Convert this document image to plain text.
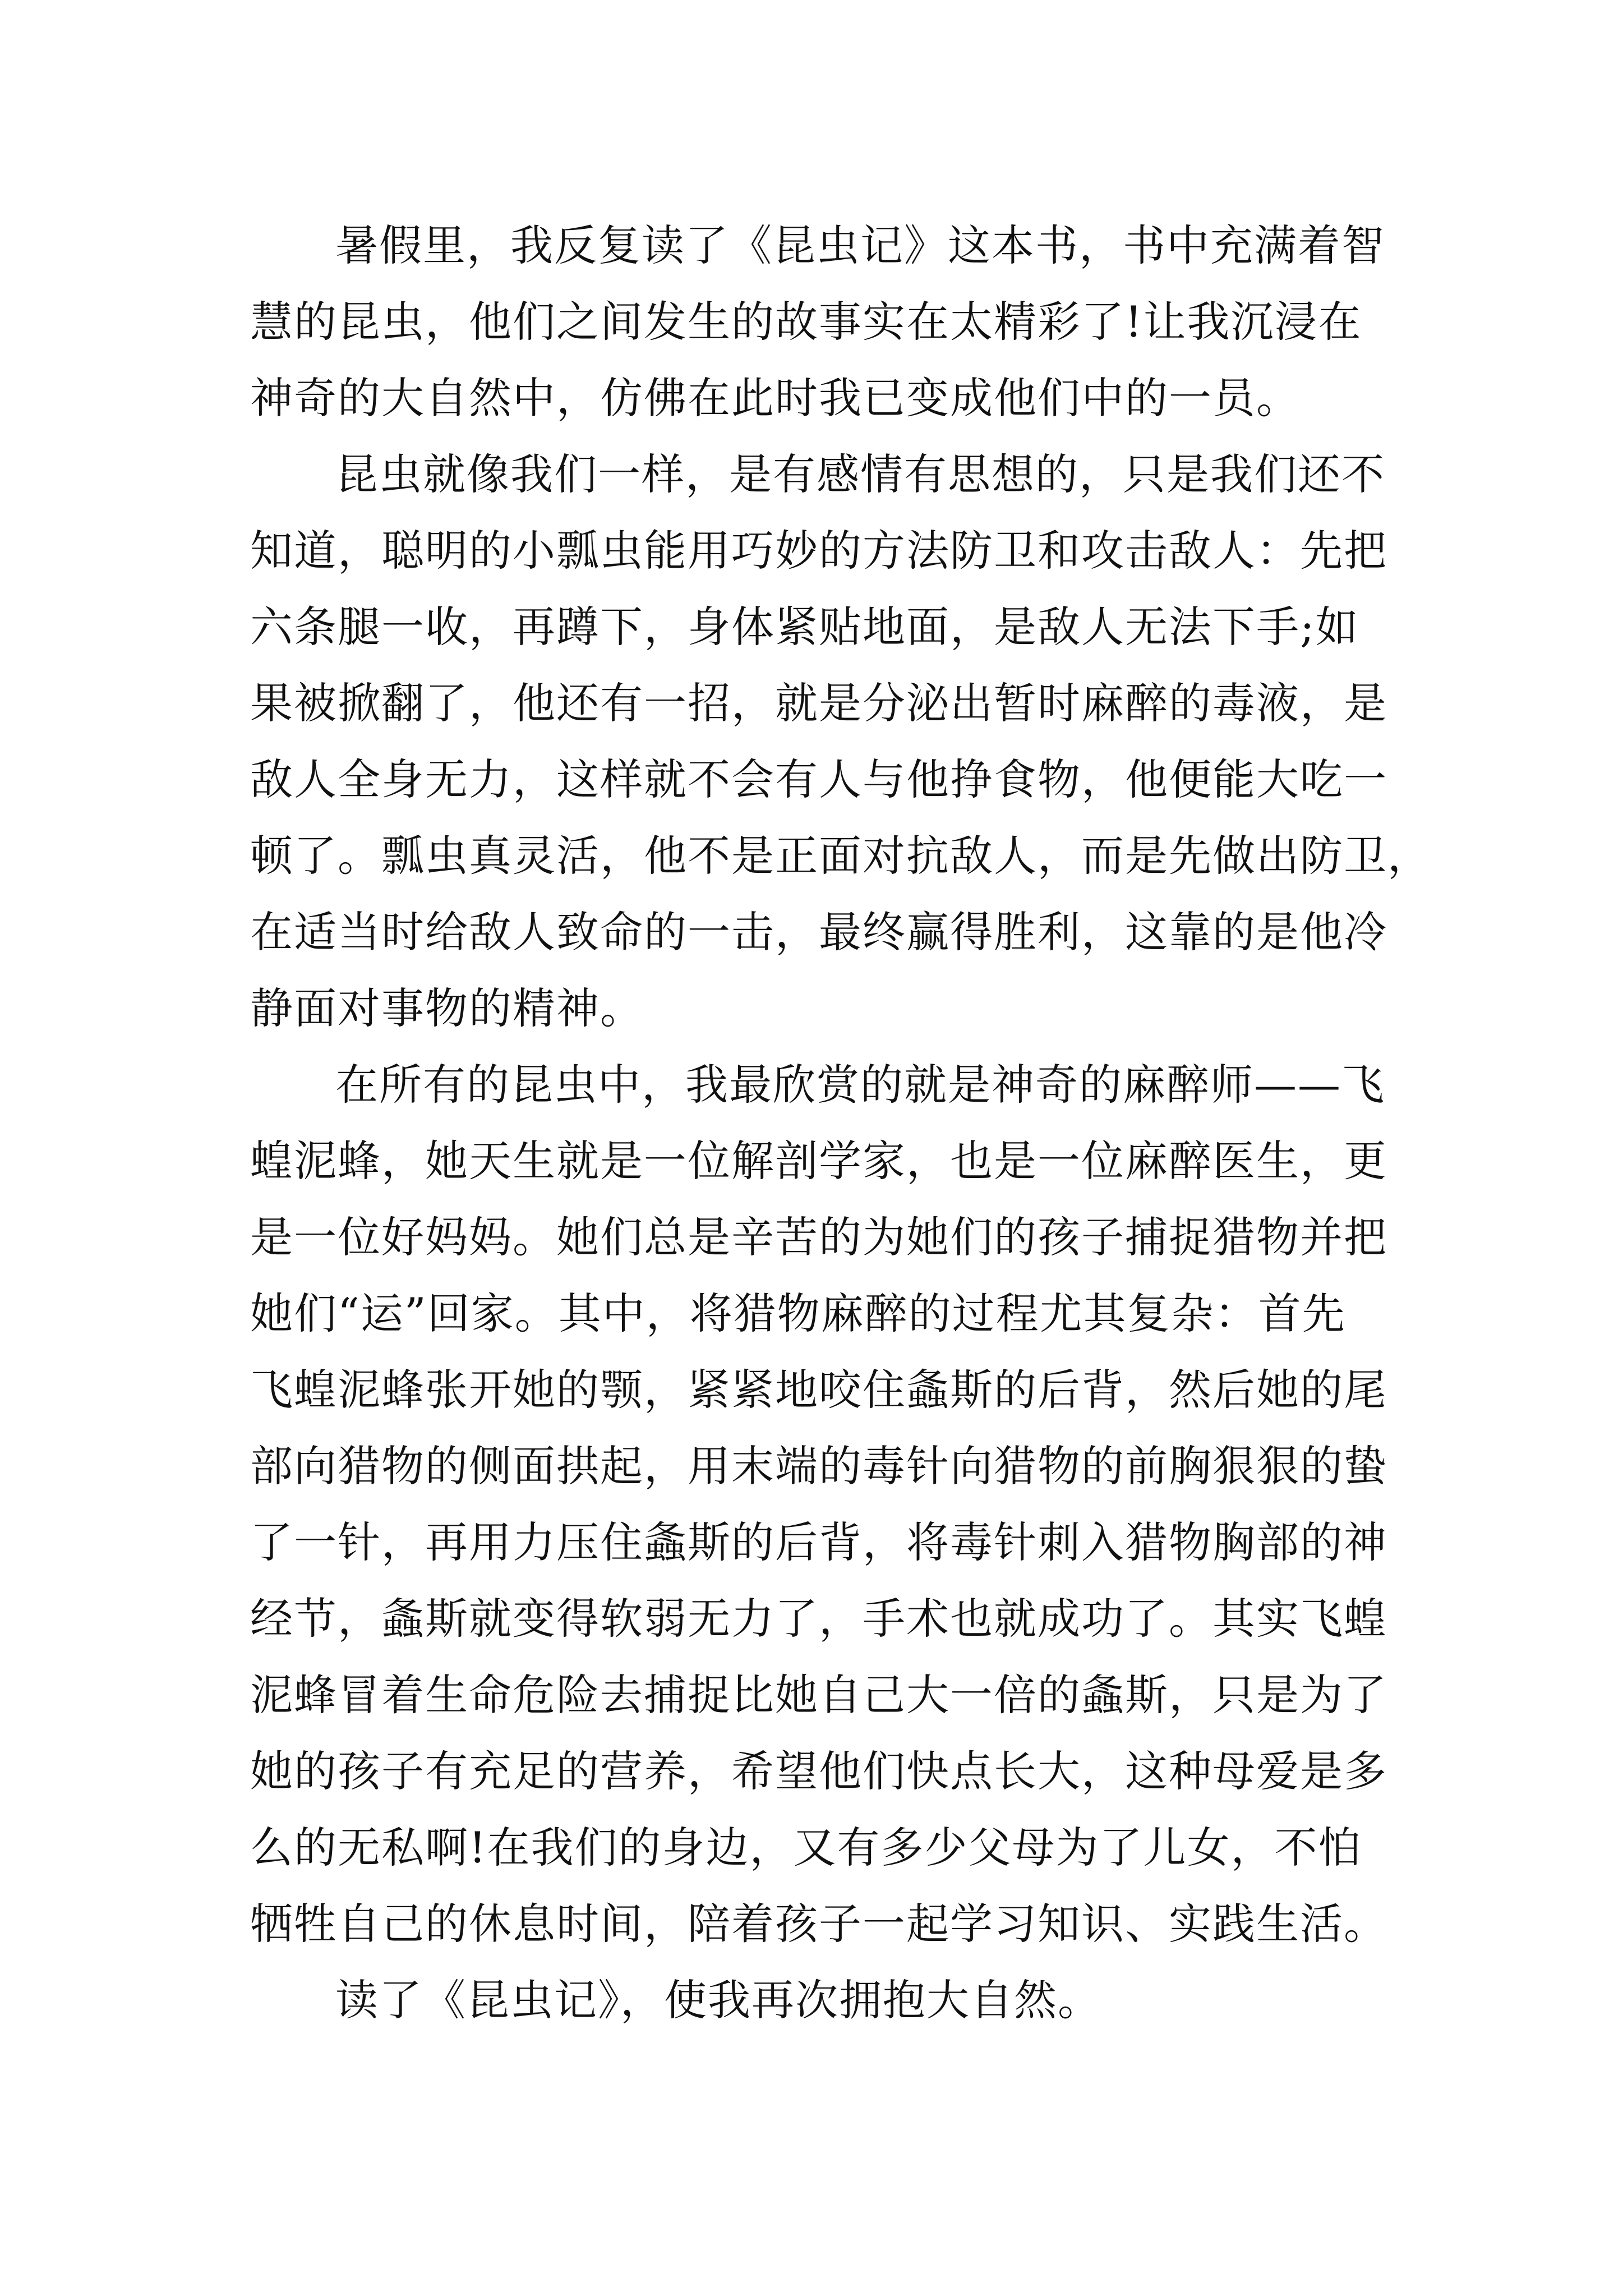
暑假里，我反复读了《昆虫记》这本书，书中充满着智
慧的昆虫，他们之间发生的故事实在太精彩了!让我沉浸在
神奇的大自然中，仿佛在此时我已变成他们中的一员。
昆虫就像我们一样，是有感情有思想的，只是我们还不
知道，聪明的小瓢虫能用巧妙的方法防卫和攻击敌人：先把
六条腿一收，再蹲下，身体紧贴地面，是敌人无法下手;如
果被掀翻了，他还有一招，就是分泌出暂时麻醉的毒液，是
敌人全身无力，这样就不会有人与他挣食物，他便能大吃一
顿了。瓢虫真灵活，他不是正面对抗敌人，而是先做出防卫，
在适当时给敌人致命的一击，最终赢得胜利，这靠的是他冷
静面对事物的精神。
在所有的昆虫中，我最欣赏的就是神奇的麻醉师——飞
蝗泥蜂，她天生就是一位解剖学家，也是一位麻醉医生，更
是一位好妈妈。她们总是辛苦的为她们的孩子捕捉猎物并把
她们“运”回家。其中，将猎物麻醉的过程尤其复杂：首先
飞蝗泥蜂张开她的颚，紧紧地咬住螽斯的后背，然后她的尾
部向猎物的侧面拱起，用末端的毒针向猎物的前胸狠狠的蛰
了一针，再用力压住螽斯的后背，将毒针刺入猎物胸部的神
经节，螽斯就变得软弱无力了，手术也就成功了。其实飞蝗
泥蜂冒着生命危险去捕捉比她自己大一倍的螽斯，只是为了
她的孩子有充足的营养，希望他们快点长大，这种母爱是多
么的无私啊!在我们的身边，又有多少父母为了儿女，不怕
牺牲自己的休息时间，陪着孩子一起学习知识、实践生活。
读了《昆虫记》，使我再次拥抱大自然。
